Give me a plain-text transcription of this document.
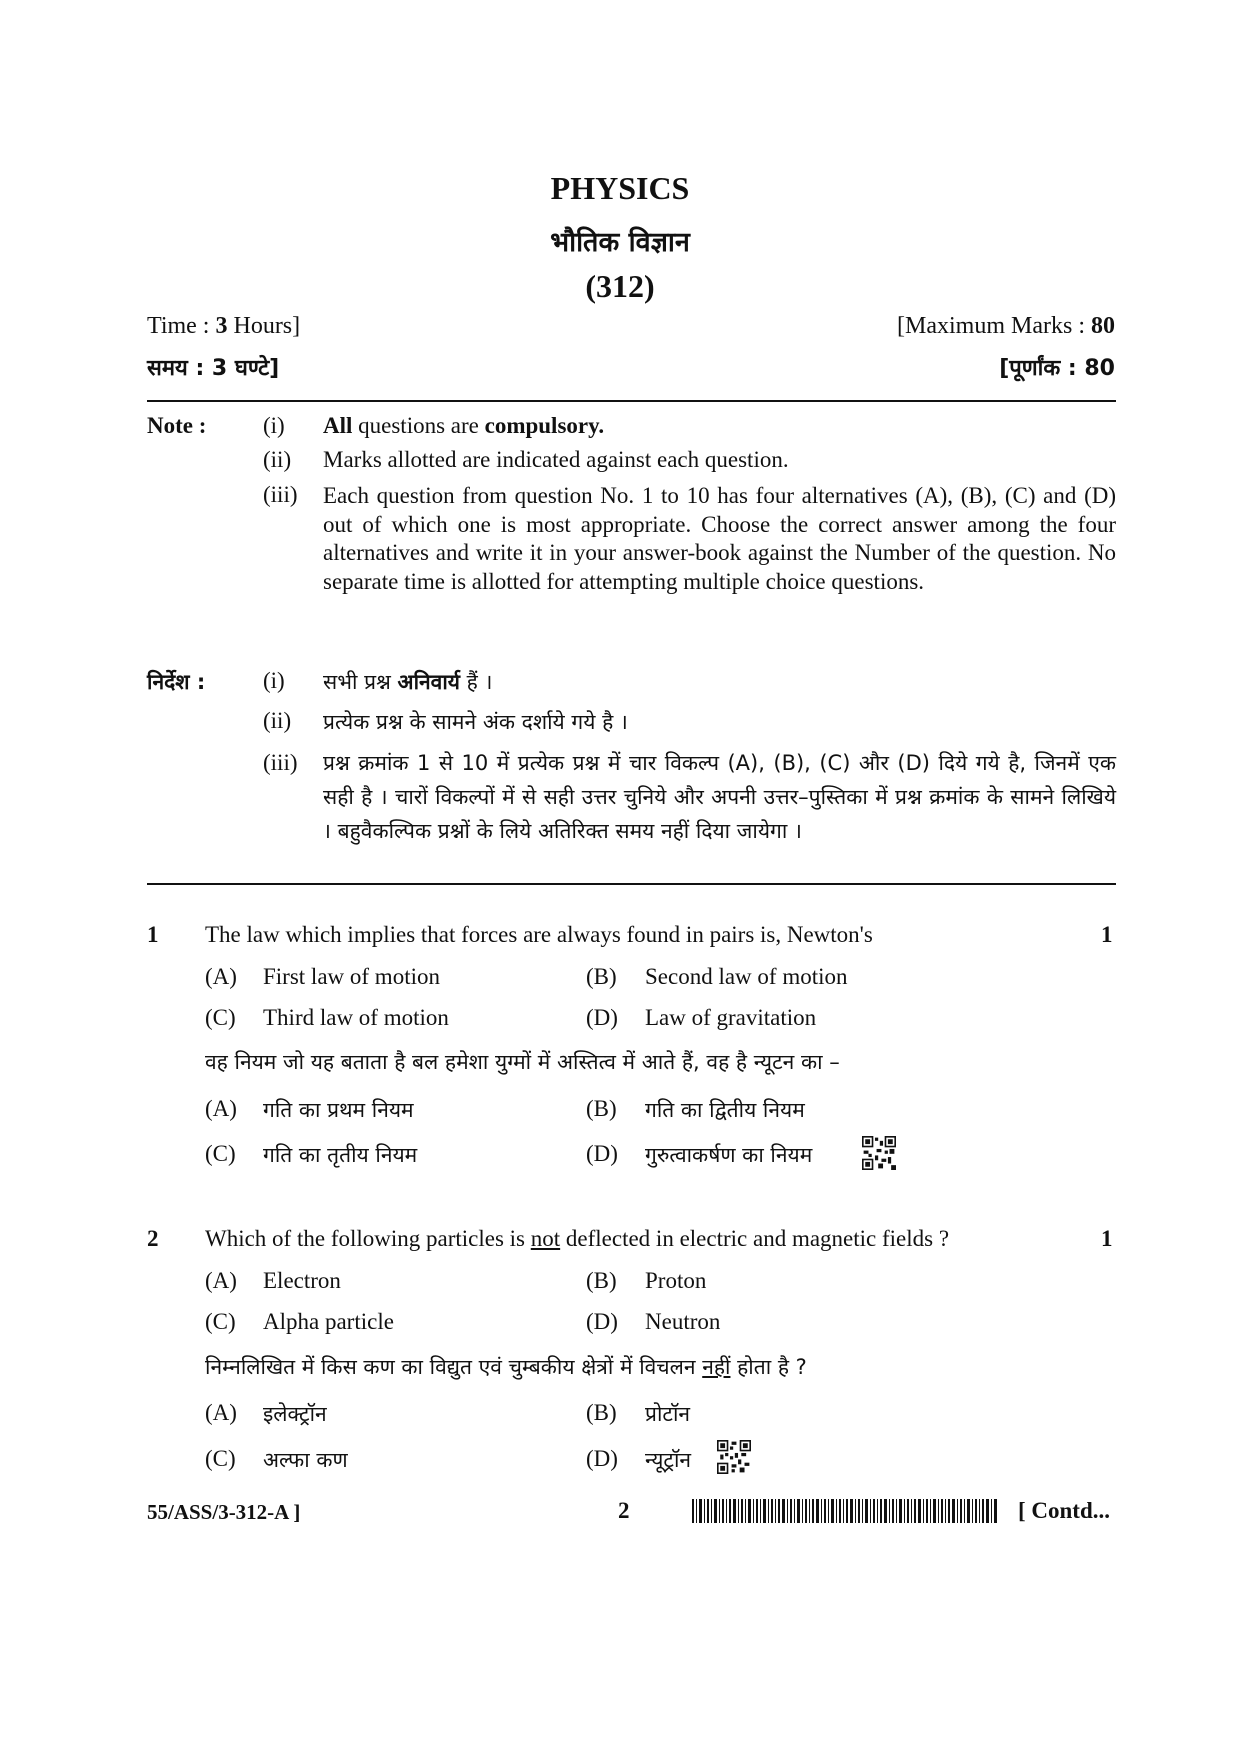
PHYSICS
भौतिक विज्ञान
(312)
Time : 3 Hours]	[Maximum Marks : 80
समय : 3 घण्टे]	[पूर्णांक : 80
Note : (i) All questions are compulsory.
(ii) Marks allotted are indicated against each question.
(iii) Each question from question No. 1 to 10 has four alternatives (A), (B), (C) and (D) out of which one is most appropriate. Choose the correct answer among the four alternatives and write it in your answer-book against the Number of the question. No separate time is allotted for attempting multiple choice questions.
निर्देश :	(i) सभी प्रश्न अनिवार्य हैं ।
(ii) प्रत्येक प्रश्न के सामने अंक दर्शाये गये है ।
(iii) प्रश्न क्रमांक 1 से 10 में प्रत्येक प्रश्न में चार विकल्प (A), (B), (C) और (D) दिये गये है, जिनमें एक सही है । चारों विकल्पों में से सही उत्तर चुनिये और अपनी उत्तर–पुस्तिका में प्रश्न क्रमांक के सामने लिखिये । बहुवैकल्पिक प्रश्नों के लिये अतिरिक्त समय नहीं दिया जायेगा ।
1 The law which implies that forces are always found in pairs is, Newton's	1
(A) First law of motion	(B) Second law of motion
(C) Third law of motion	(D) Law of gravitation
वह नियम जो यह बताता है बल हमेशा युग्मों में अस्तित्व में आते हैं, वह है न्यूटन का –
(A) गति का प्रथम नियम	(B) गति का द्वितीय नियम
(C) गति का तृतीय नियम	(D) गुरुत्वाकर्षण का नियम
2 Which of the following particles is not deflected in electric and magnetic fields ?	1
(A) Electron	(B) Proton
(C) Alpha particle	(D) Neutron
निम्नलिखित में किस कण का विद्युत एवं चुम्बकीय क्षेत्रों में विचलन नहीं होता है ?
(A) इलेक्ट्रॉन	(B) प्रोटॉन
(C) अल्फा कण	(D) न्यूट्रॉन
55/ASS/3-312-A ]	2	[ Contd...
